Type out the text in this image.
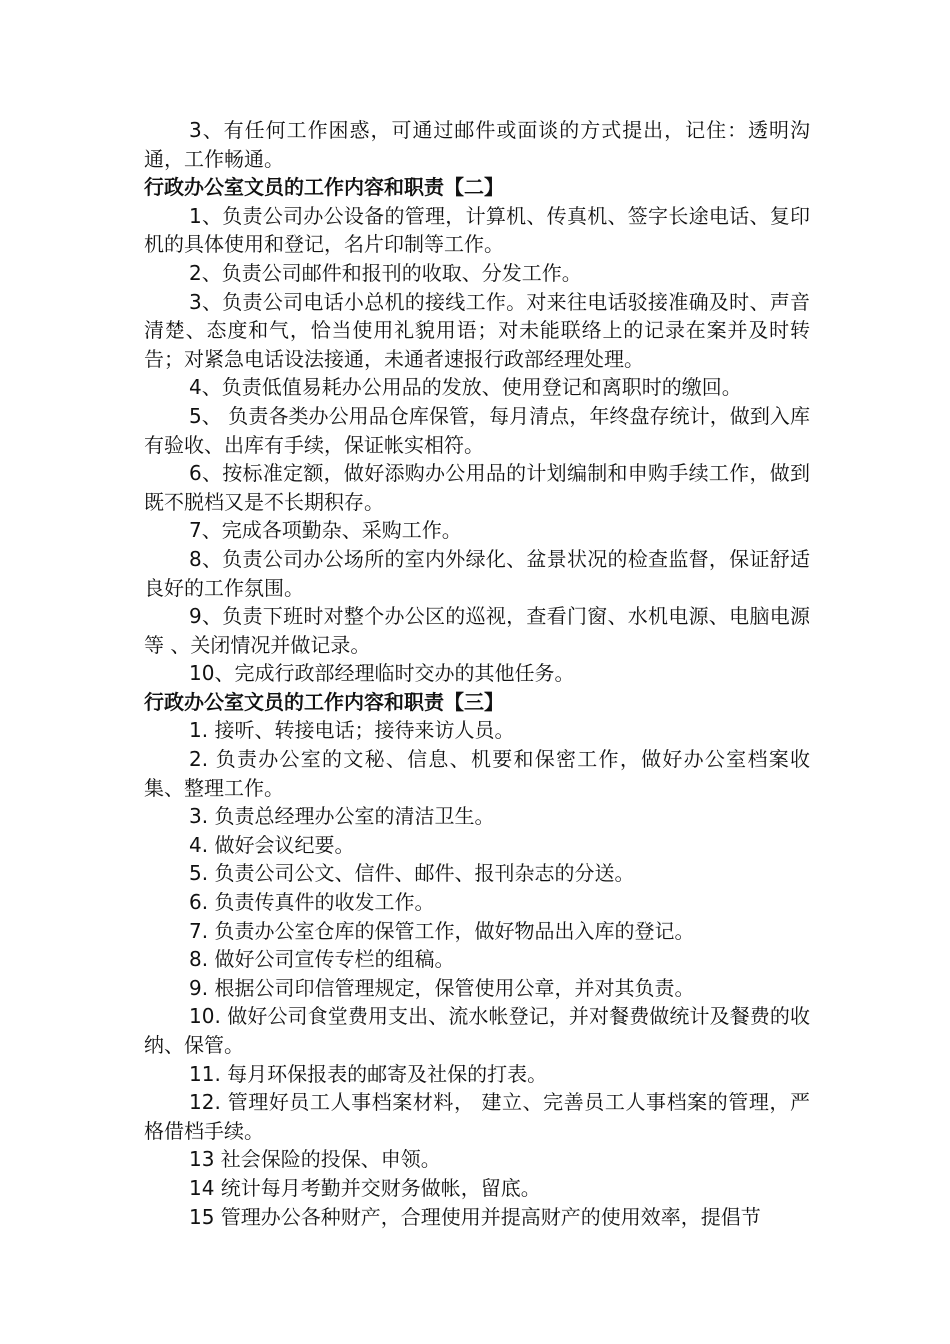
3、有任何工作困惑，可通过邮件或面谈的方式提出，记住：透明沟通，工作畅通。

行政办公室文员的工作内容和职责【二】

1、负责公司办公设备的管理，计算机、传真机、签字长途电话、复印机的具体使用和登记，名片印制等工作。

2、负责公司邮件和报刊的收取、分发工作。

3、负责公司电话小总机的接线工作。对来往电话驳接准确及时、声音清楚、态度和气，恰当使用礼貌用语；对未能联络上的记录在案并及时转告；对紧急电话设法接通，未通者速报行政部经理处理。

4、负责低值易耗办公用品的发放、使用登记和离职时的缴回。

5、 负责各类办公用品仓库保管，每月清点，年终盘存统计，做到入库有验收、出库有手续，保证帐实相符。

6、按标准定额，做好添购办公用品的计划编制和申购手续工作，做到既不脱档又是不长期积存。

7、完成各项勤杂、采购工作。

8、负责公司办公场所的室内外绿化、盆景状况的检查监督，保证舒适良好的工作氛围。

9、负责下班时对整个办公区的巡视，查看门窗、水机电源、电脑电源等 、关闭情况并做记录。

10、完成行政部经理临时交办的其他任务。

行政办公室文员的工作内容和职责【三】

1. 接听、转接电话；接待来访人员。

2. 负责办公室的文秘、信息、机要和保密工作，做好办公室档案收集、整理工作。

3. 负责总经理办公室的清洁卫生。

4. 做好会议纪要。

5. 负责公司公文、信件、邮件、报刊杂志的分送。

6. 负责传真件的收发工作。

7. 负责办公室仓库的保管工作，做好物品出入库的登记。

8. 做好公司宣传专栏的组稿。

9. 根据公司印信管理规定，保管使用公章，并对其负责。

10. 做好公司食堂费用支出、流水帐登记，并对餐费做统计及餐费的收纳、保管。

11. 每月环保报表的邮寄及社保的打表。

12. 管理好员工人事档案材料， 建立、完善员工人事档案的管理，严格借档手续。

13 社会保险的投保、申领。

14 统计每月考勤并交财务做帐，留底。

15 管理办公各种财产，合理使用并提高财产的使用效率，提倡节
